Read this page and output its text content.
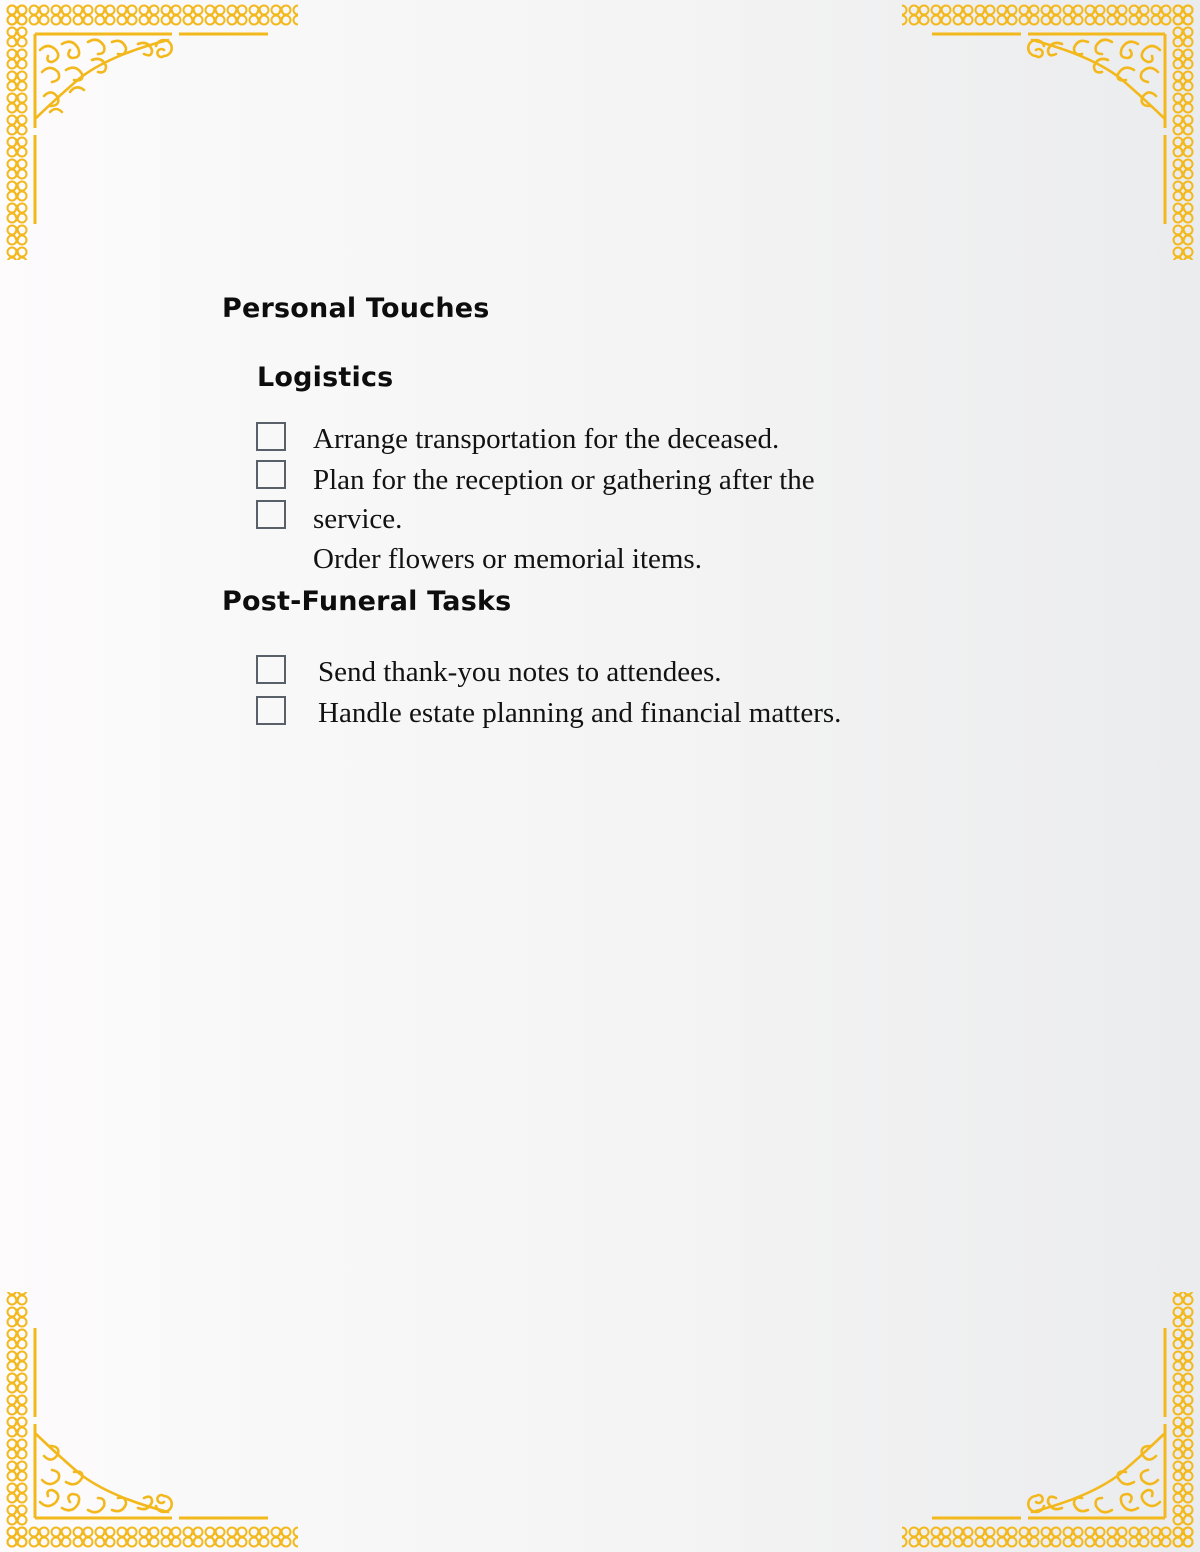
Personal Touches
Logistics

Arrange transportation for the deceased.

Plan for the reception or gathering after the

service.

Order flowers or memorial items.

Post-Funeral Tasks

Send thank-you notes to attendees.

Handle estate planning and financial matters.
